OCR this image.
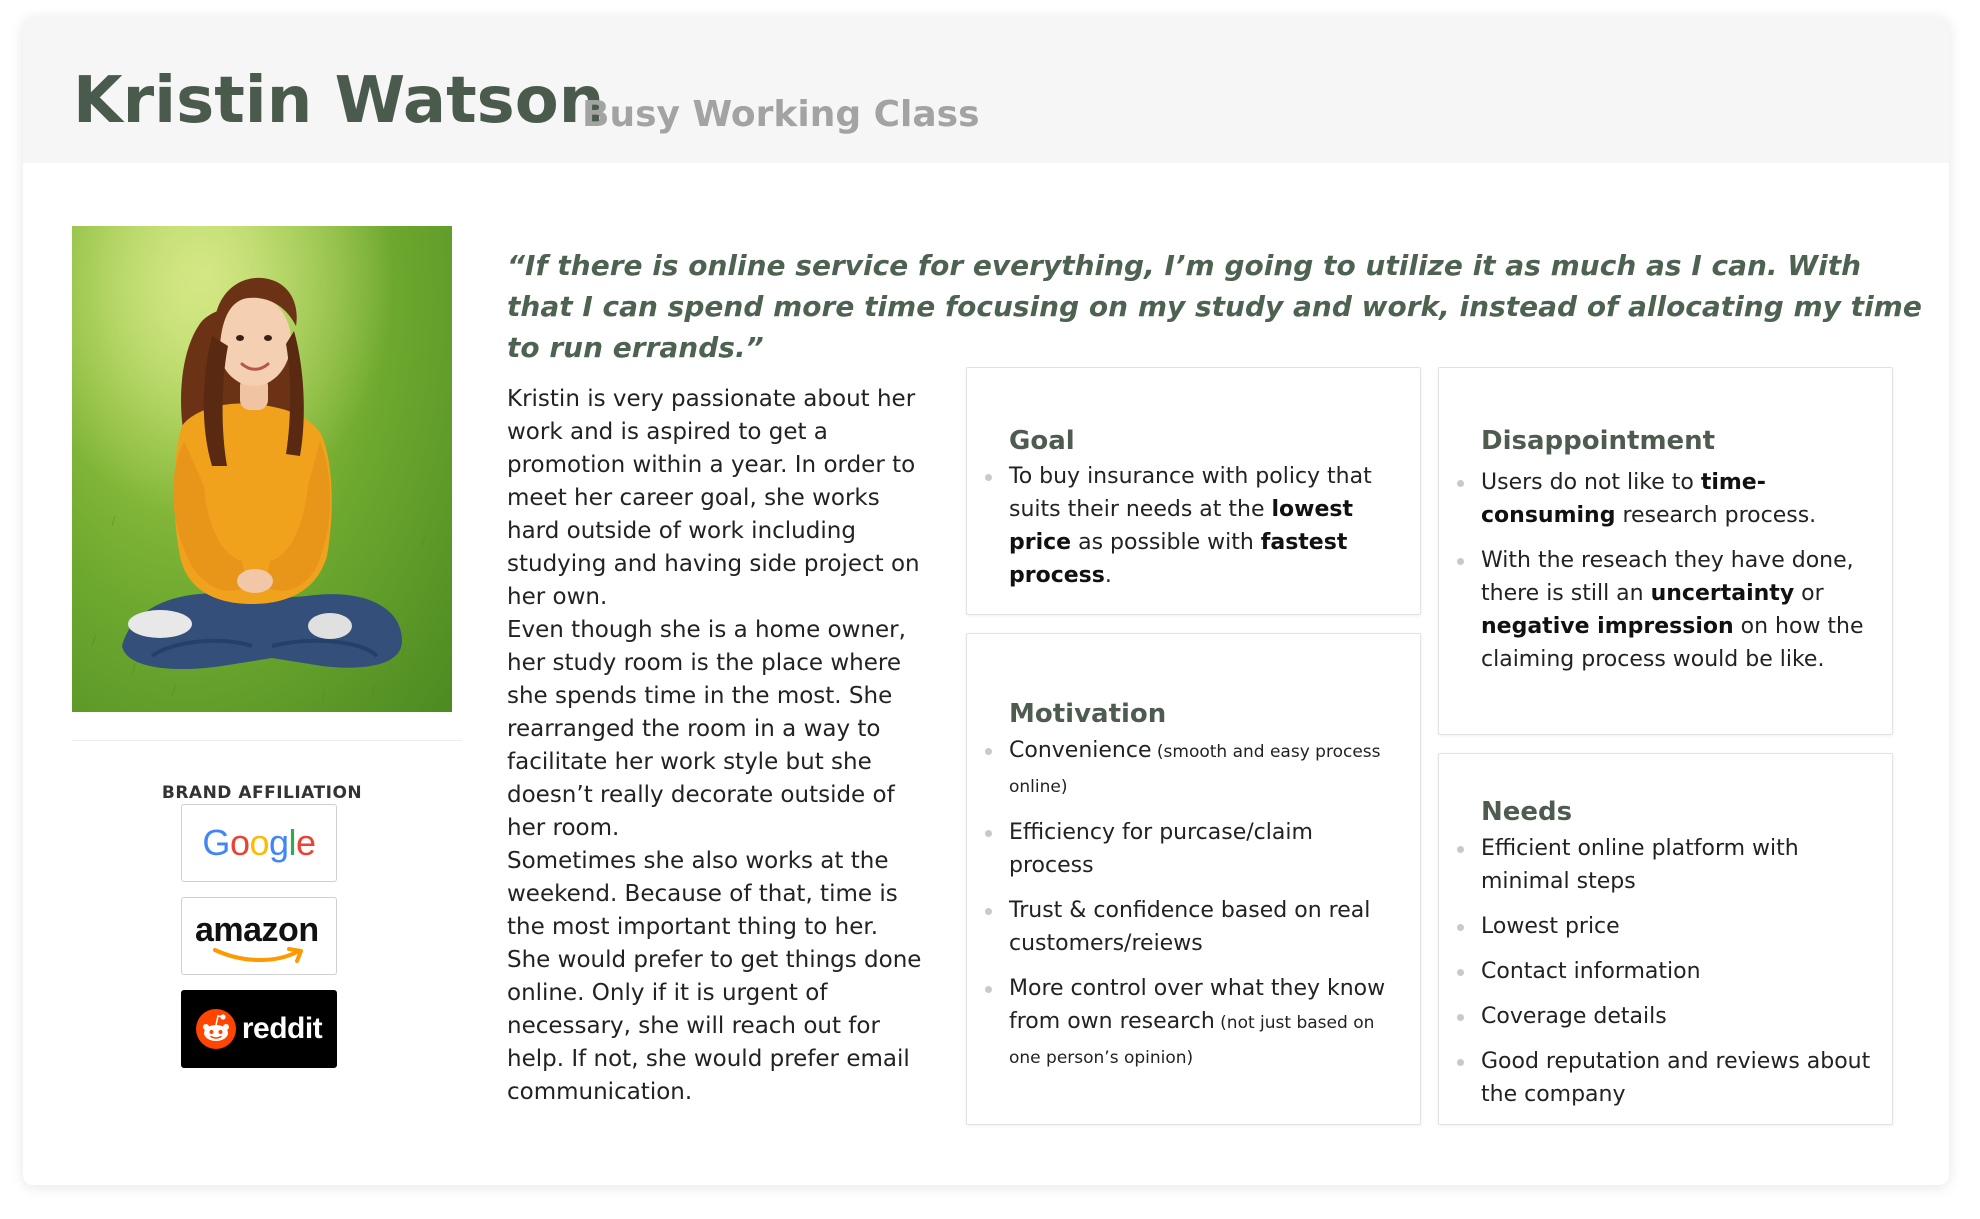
Kristin Watson
Busy Working Class
BRAND AFFILIATION
Google
amazon
reddit
“If there is online service for everything, I’m going to utilize it as much as I can. With that I can spend more time focusing on my study and work, instead of allocating my time to run errands.”

Kristin is very passionate about her work and is aspired to get a promotion within a year. In order to meet her career goal, she works hard outside of work including studying and having side project on her own.

Even though she is a home owner, her study room is the place where she spends time in the most. She rearranged the room in a way to facilitate her work style but she doesn’t really decorate outside of her room.

Sometimes she also works at the weekend. Because of that, time is the most important thing to her. She would prefer to get things done online. Only if it is urgent of necessary, she will reach out for help. If not, she would prefer email communication.

Goal
To buy insurance with policy that suits their needs at the lowest price as possible with fastest process.
Motivation
Convenience (smooth and easy process online)
Efficiency for purcase/claim process
Trust & confidence based on real customers/reiews
More control over what they know from own research (not just based on one person’s opinion)
Disappointment
Users do not like to time-consuming research process.
With the reseach they have done, there is still an uncertainty or negative impression on how the claiming process would be like.
Needs
Efficient online platform with minimal steps
Lowest price
Contact information
Coverage details
Good reputation and reviews about the company
